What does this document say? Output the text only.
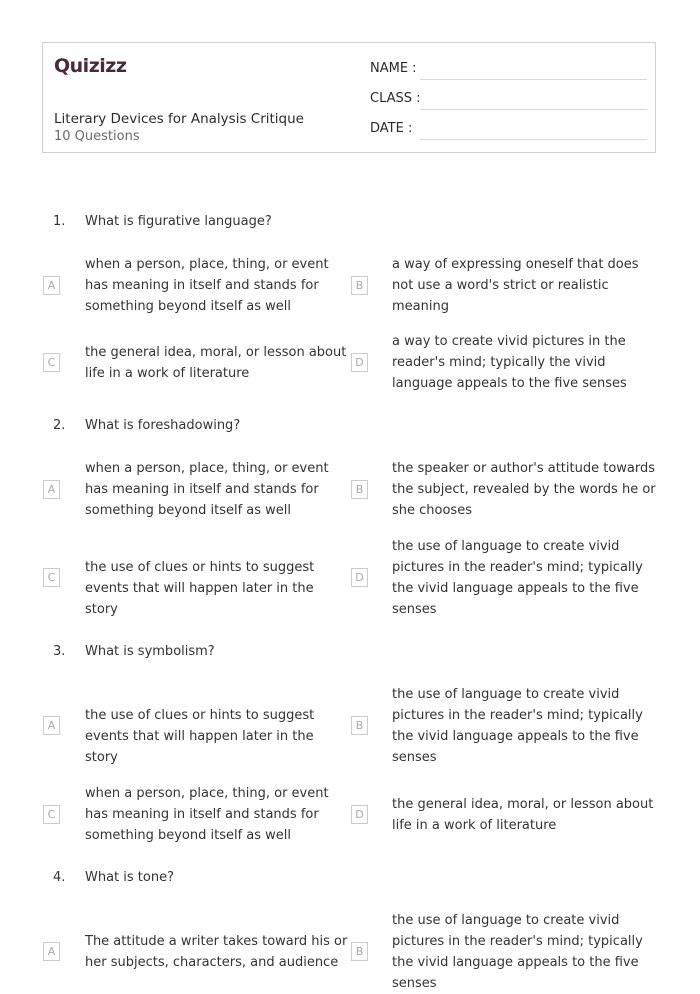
Quizizz
Literary Devices for Analysis Critique
10 Questions
NAME :
CLASS :
DATE :
1. What is figurative language?
A
when a person, place, thing, or event has meaning in itself and stands for something beyond itself as well
B
a way of expressing oneself that does not use a word's strict or realistic meaning
C
the general idea, moral, or lesson about life in a work of literature
D
a way to create vivid pictures in the reader's mind; typically the vivid language appeals to the five senses
2. What is foreshadowing?
A
when a person, place, thing, or event has meaning in itself and stands for something beyond itself as well
B
the speaker or author's attitude towards the subject, revealed by the words he or she chooses
C
the use of clues or hints to suggest events that will happen later in the story
D
the use of language to create vivid pictures in the reader's mind; typically the vivid language appeals to the five senses
3. What is symbolism?
A
the use of clues or hints to suggest events that will happen later in the story
B
the use of language to create vivid pictures in the reader's mind; typically the vivid language appeals to the five senses
C
when a person, place, thing, or event has meaning in itself and stands for something beyond itself as well
D
the general idea, moral, or lesson about life in a work of literature
4. What is tone?
A
The attitude a writer takes toward his or her subjects, characters, and audience
B
the use of language to create vivid pictures in the reader's mind; typically the vivid language appeals to the five senses
